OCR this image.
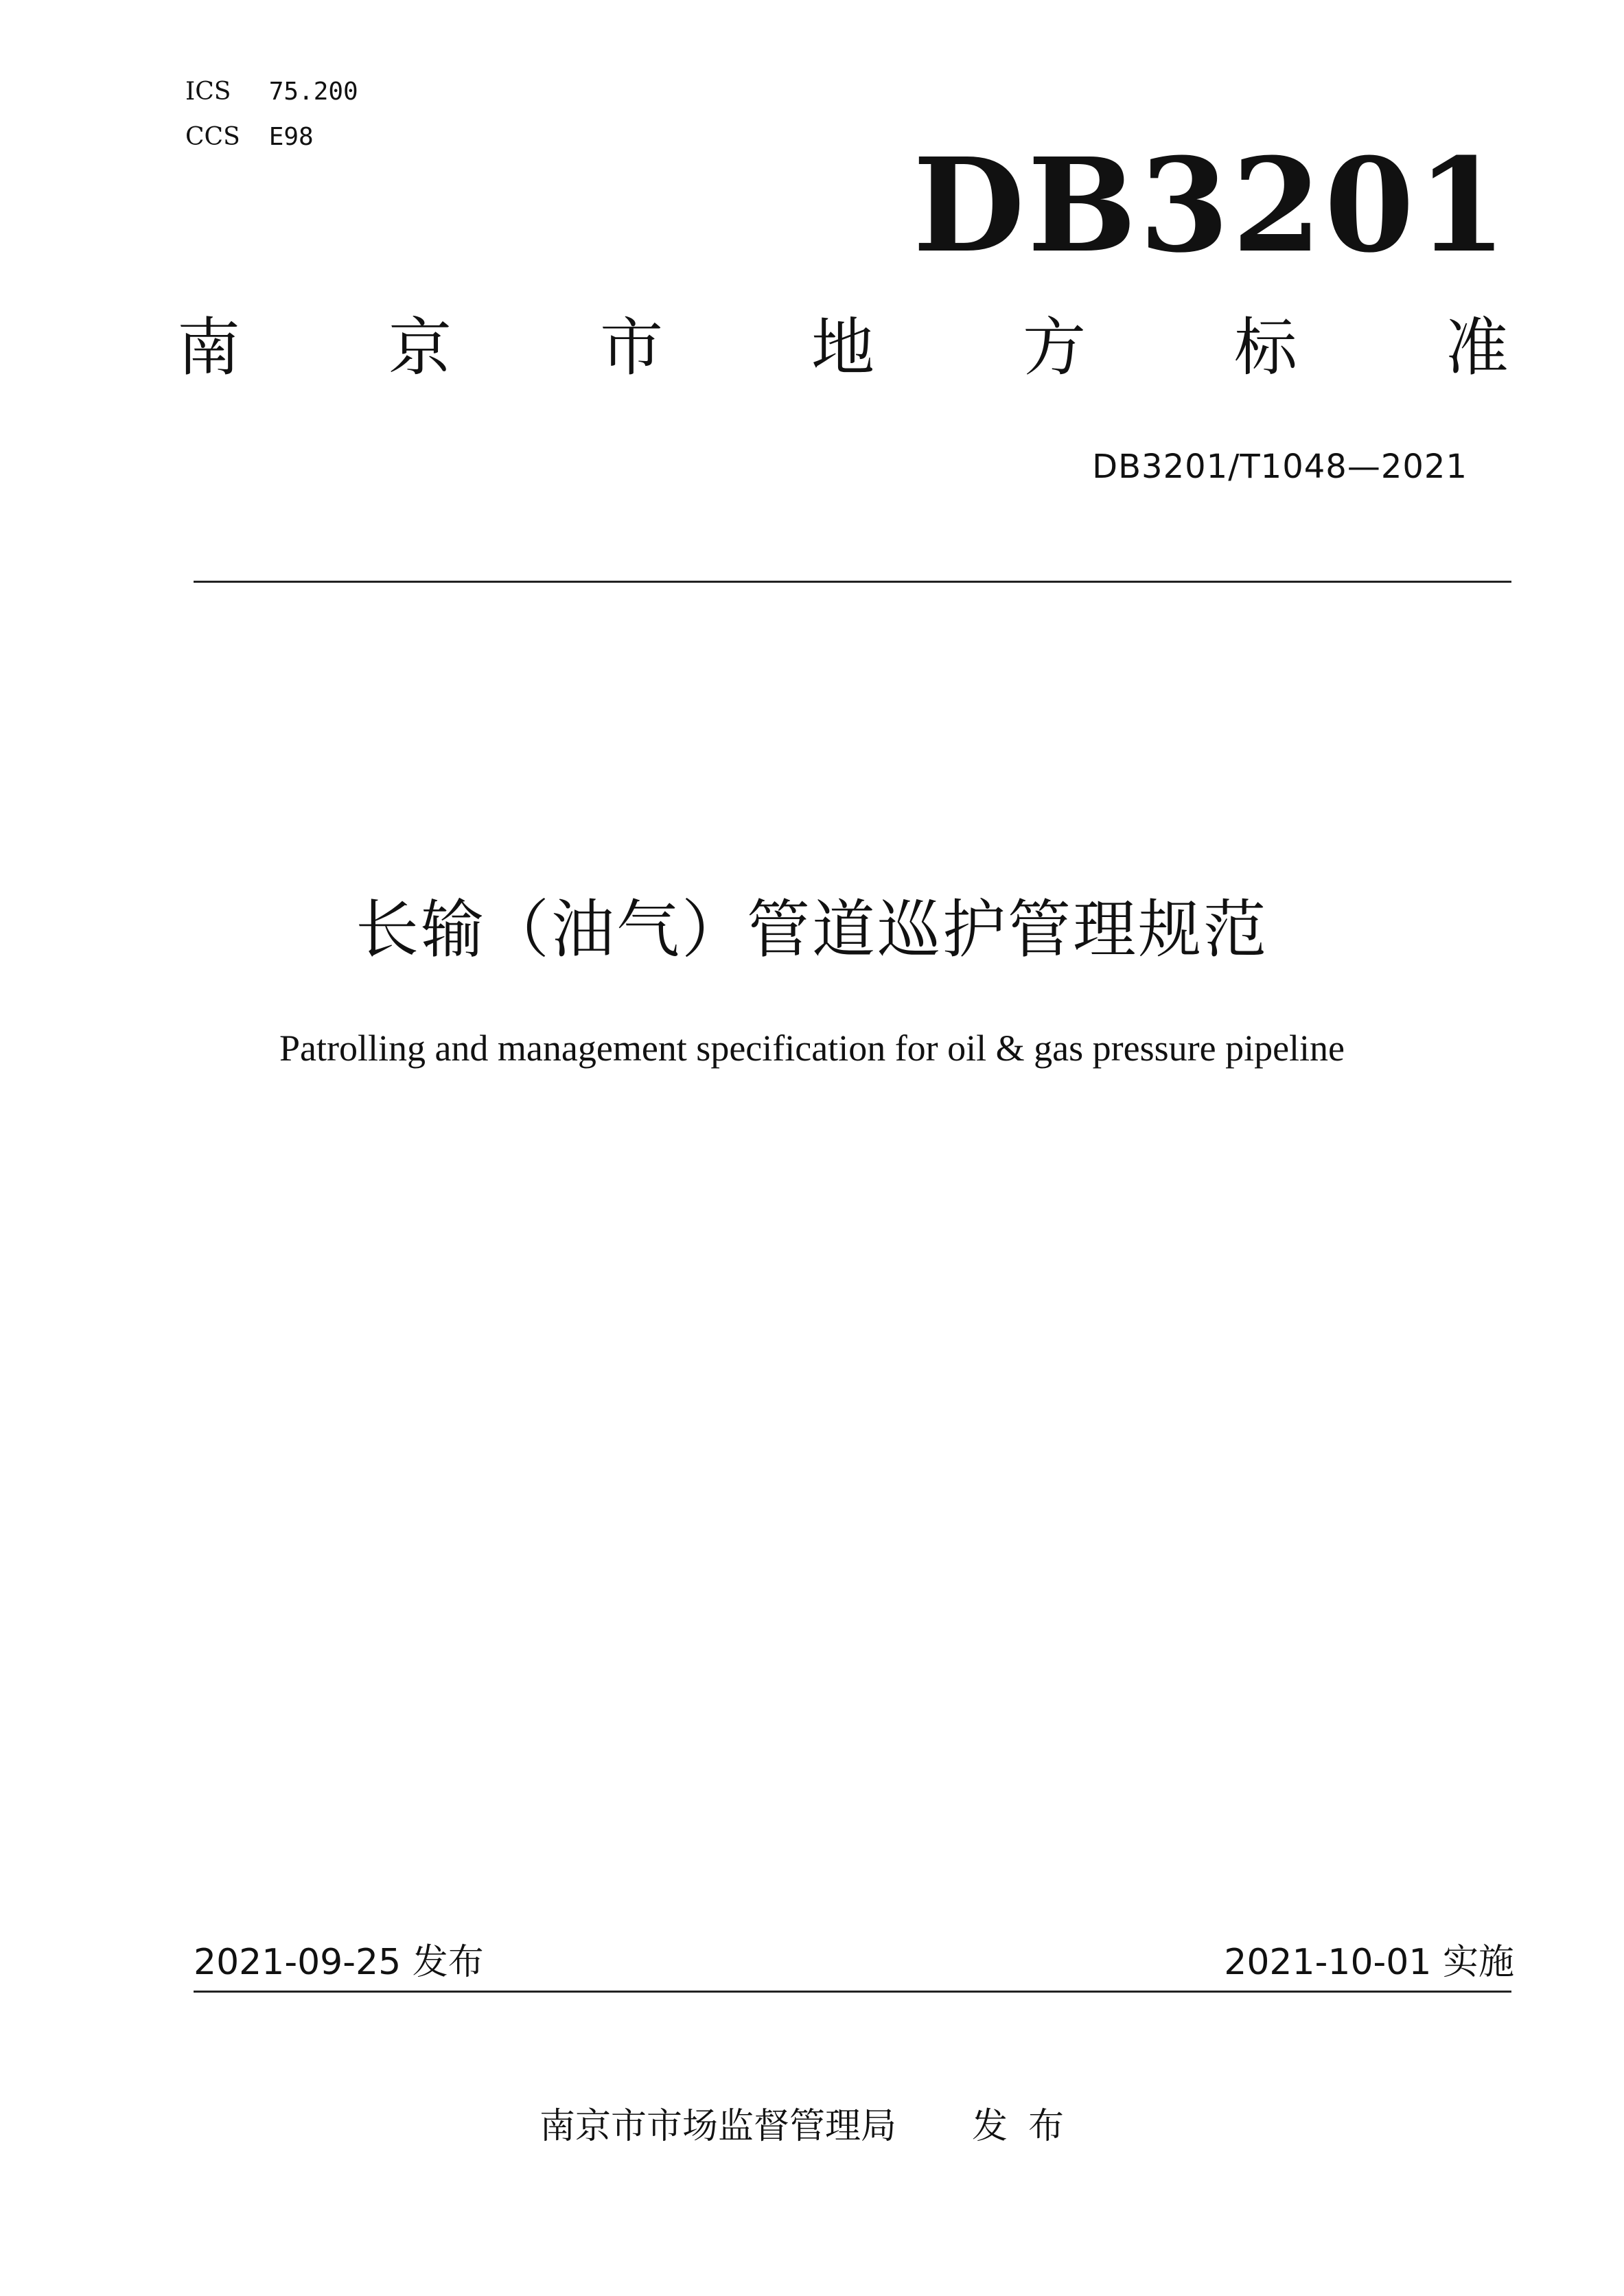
ICS 75.200
CCS E98	DB3201
南 京 市 地 方 标 准
DB3201/T1048—2021
长输（油气）管道巡护管理规范
Patrolling and management specification for oil & gas pressure pipeline
2021-09-25 发布	2021-10-01 实施
南京市市场监督管理局 发布
